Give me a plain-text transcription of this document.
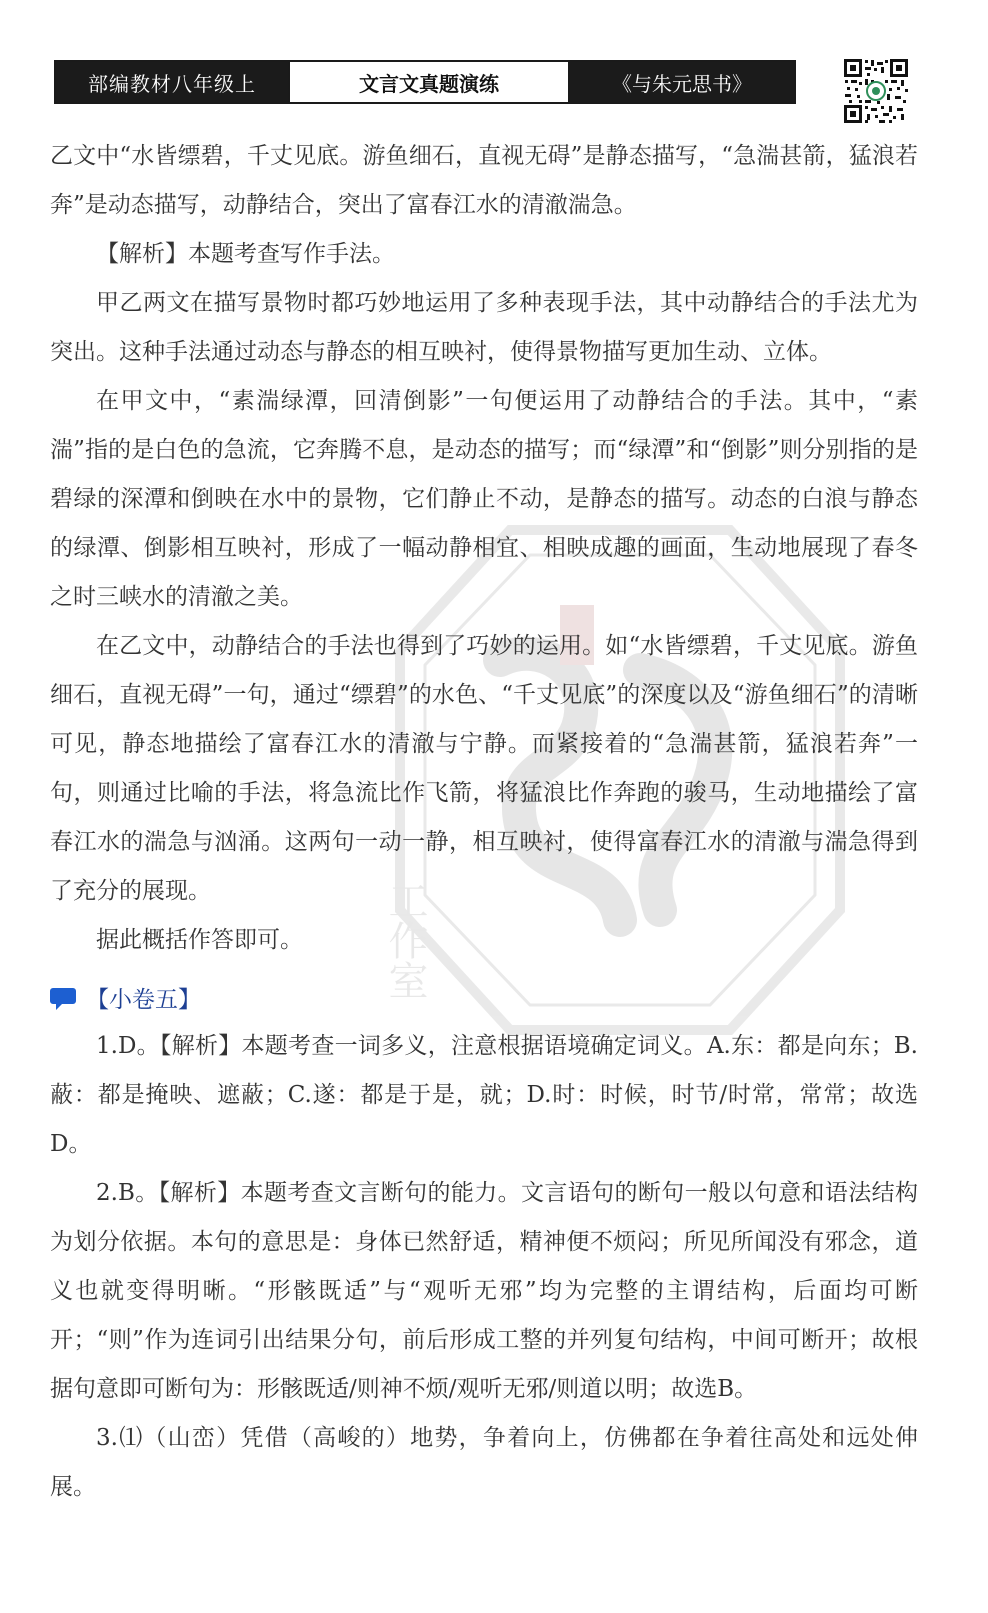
部编教材八年级上	文言文真题演练	《与朱元思书》
工作室

乙文中“水皆缥碧，千丈见底。游鱼细石，直视无碍”是静态描写，“急湍甚箭，猛浪若奔”是动态描写，动静结合，突出了富春江水的清澈湍急。

【解析】本题考查写作手法。

甲乙两文在描写景物时都巧妙地运用了多种表现手法，其中动静结合的手法尤为突出。这种手法通过动态与静态的相互映衬，使得景物描写更加生动、立体。

在甲文中，“素湍绿潭，回清倒影”一句便运用了动静结合的手法。其中，“素湍”指的是白色的急流，它奔腾不息，是动态的描写；而“绿潭”和“倒影”则分别指的是碧绿的深潭和倒映在水中的景物，它们静止不动，是静态的描写。动态的白浪与静态的绿潭、倒影相互映衬，形成了一幅动静相宜、相映成趣的画面，生动地展现了春冬之时三峡水的清澈之美。

在乙文中，动静结合的手法也得到了巧妙的运用。如“水皆缥碧，千丈见底。游鱼细石，直视无碍”一句，通过“缥碧”的水色、“千丈见底”的深度以及“游鱼细石”的清晰可见，静态地描绘了富春江水的清澈与宁静。而紧接着的“急湍甚箭，猛浪若奔”一句，则通过比喻的手法，将急流比作飞箭，将猛浪比作奔跑的骏马，生动地描绘了富春江水的湍急与汹涌。这两句一动一静，相互映衬，使得富春江水的清澈与湍急得到了充分的展现。

据此概括作答即可。

【小卷五】

1.D。【解析】本题考查一词多义，注意根据语境确定词义。A.东：都是向东；B.蔽：都是掩映、遮蔽；C.遂：都是于是，就；D.时：时候，时节/时常，常常；故选D。

2.B。【解析】本题考查文言断句的能力。文言语句的断句一般以句意和语法结构为划分依据。本句的意思是：身体已然舒适，精神便不烦闷；所见所闻没有邪念，道义也就变得明晰。“形骸既适”与“观听无邪”均为完整的主谓结构，后面均可断开；“则”作为连词引出结果分句，前后形成工整的并列复句结构，中间可断开；故根据句意即可断句为：形骸既适/则神不烦/观听无邪/则道以明；故选B。

3.⑴（山峦）凭借（高峻的）地势，争着向上，仿佛都在争着往高处和远处伸展。
